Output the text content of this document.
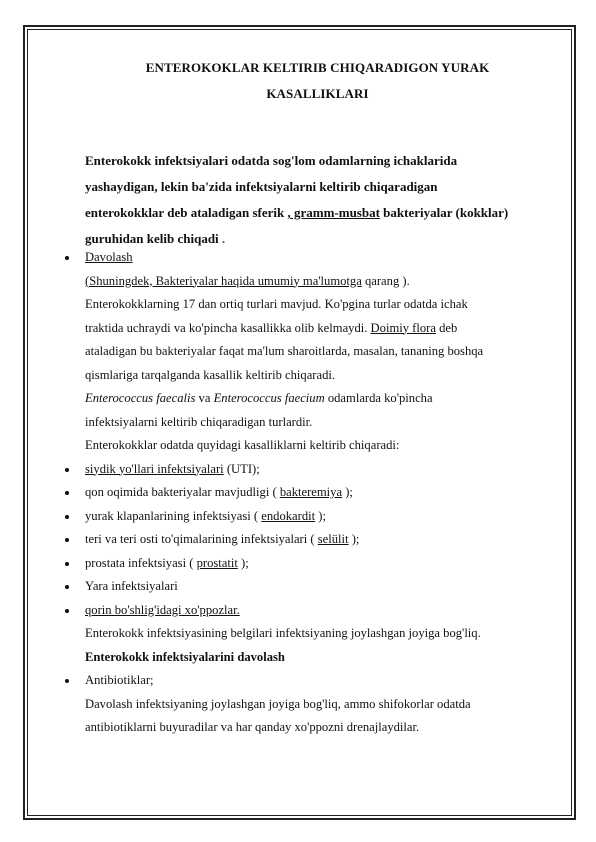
ENTEROKOKLAR KELTIRIB CHIQARADIGON YURAK
KASALLIKLARI
Enterokokk infektsiyalari odatda sog'lom odamlarning ichaklarida
yashaydigan, lekin ba'zida infektsiyalarni keltirib chiqaradigan
enterokokklar deb ataladigan sferik , gramm-musbat bakteriyalar (kokklar)
guruhidan kelib chiqadi .
Davolash
(Shuningdek, Bakteriyalar haqida umumiy ma'lumotga qarang ).
Enterokokklarning 17 dan ortiq turlari mavjud. Ko'pgina turlar odatda ichak
traktida uchraydi va ko'pincha kasallikka olib kelmaydi. Doimiy flora deb
ataladigan bu bakteriyalar faqat ma'lum sharoitlarda, masalan, tananing boshqa
qismlariga tarqalganda kasallik keltirib chiqaradi.
Enterococcus faecalis va Enterococcus faecium odamlarda ko'pincha
infektsiyalarni keltirib chiqaradigan turlardir.
Enterokokklar odatda quyidagi kasalliklarni keltirib chiqaradi:
siydik yo'llari infektsiyalari (UTI);
qon oqimida bakteriyalar mavjudligi ( bakteremiya );
yurak klapanlarining infektsiyasi ( endokardit );
teri va teri osti to'qimalarining infektsiyalari ( selülit );
prostata infektsiyasi ( prostatit );
Yara infektsiyalari
qorin bo'shlig'idagi xo'ppozlar.
Enterokokk infektsiyasining belgilari infektsiyaning joylashgan joyiga bog'liq.
Enterokokk infektsiyalarini davolash
Antibiotiklar;
Davolash infektsiyaning joylashgan joyiga bog'liq, ammo shifokorlar odatda
antibiotiklarni buyuradilar va har qanday xo'ppozni drenajlaydilar.
